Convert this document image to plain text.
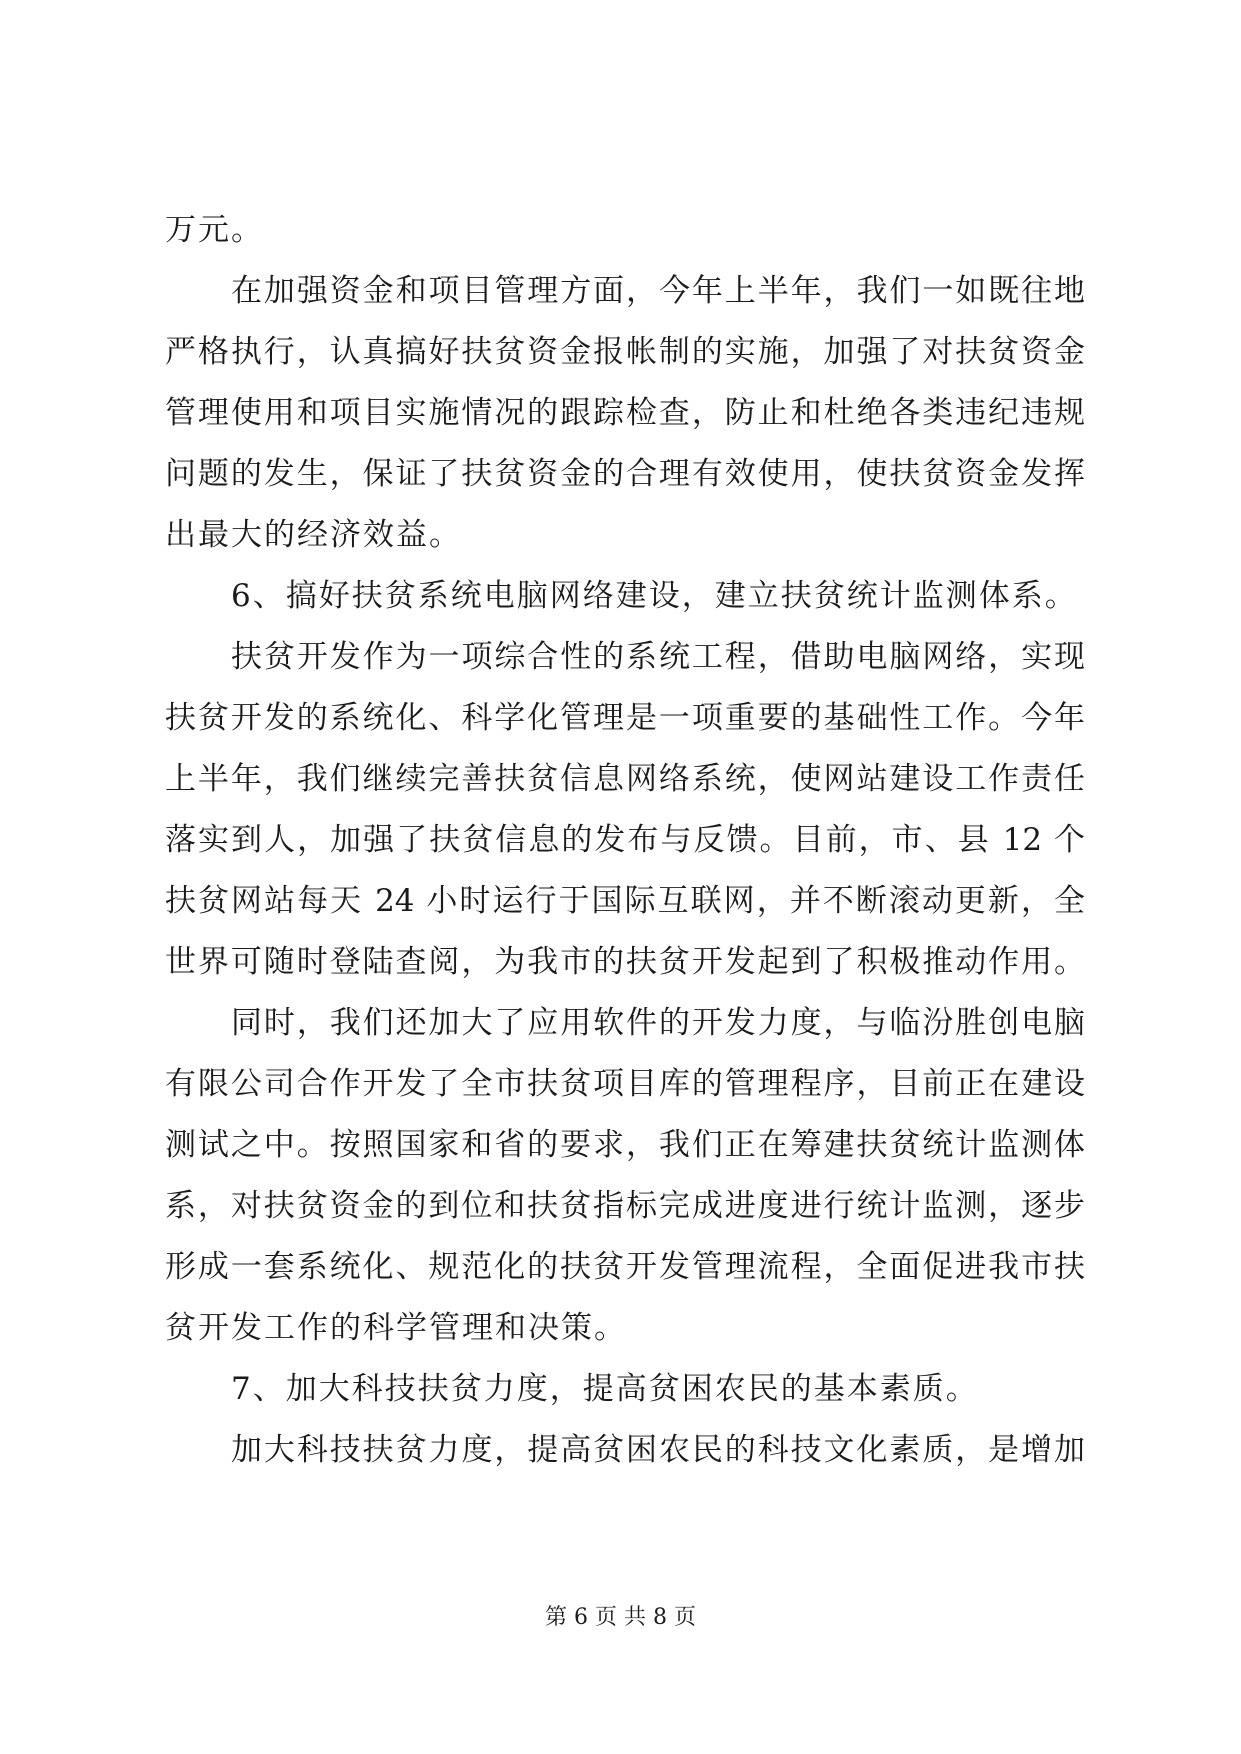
万元。
在加强资金和项目管理方面，今年上半年，我们一如既往地
严格执行，认真搞好扶贫资金报帐制的实施，加强了对扶贫资金
管理使用和项目实施情况的跟踪检查，防止和杜绝各类违纪违规
问题的发生，保证了扶贫资金的合理有效使用，使扶贫资金发挥
出最大的经济效益。
6、搞好扶贫系统电脑网络建设，建立扶贫统计监测体系。
扶贫开发作为一项综合性的系统工程，借助电脑网络，实现
扶贫开发的系统化、科学化管理是一项重要的基础性工作。今年
上半年，我们继续完善扶贫信息网络系统，使网站建设工作责任
落实到人，加强了扶贫信息的发布与反馈。目前，市、县 12 个
扶贫网站每天 24 小时运行于国际互联网，并不断滚动更新，全
世界可随时登陆查阅，为我市的扶贫开发起到了积极推动作用。
同时，我们还加大了应用软件的开发力度，与临汾胜创电脑
有限公司合作开发了全市扶贫项目库的管理程序，目前正在建设
测试之中。按照国家和省的要求，我们正在筹建扶贫统计监测体
系，对扶贫资金的到位和扶贫指标完成进度进行统计监测，逐步
形成一套系统化、规范化的扶贫开发管理流程，全面促进我市扶
贫开发工作的科学管理和决策。
7、加大科技扶贫力度，提高贫困农民的基本素质。
加大科技扶贫力度，提高贫困农民的科技文化素质，是增加
第 6 页 共 8 页
